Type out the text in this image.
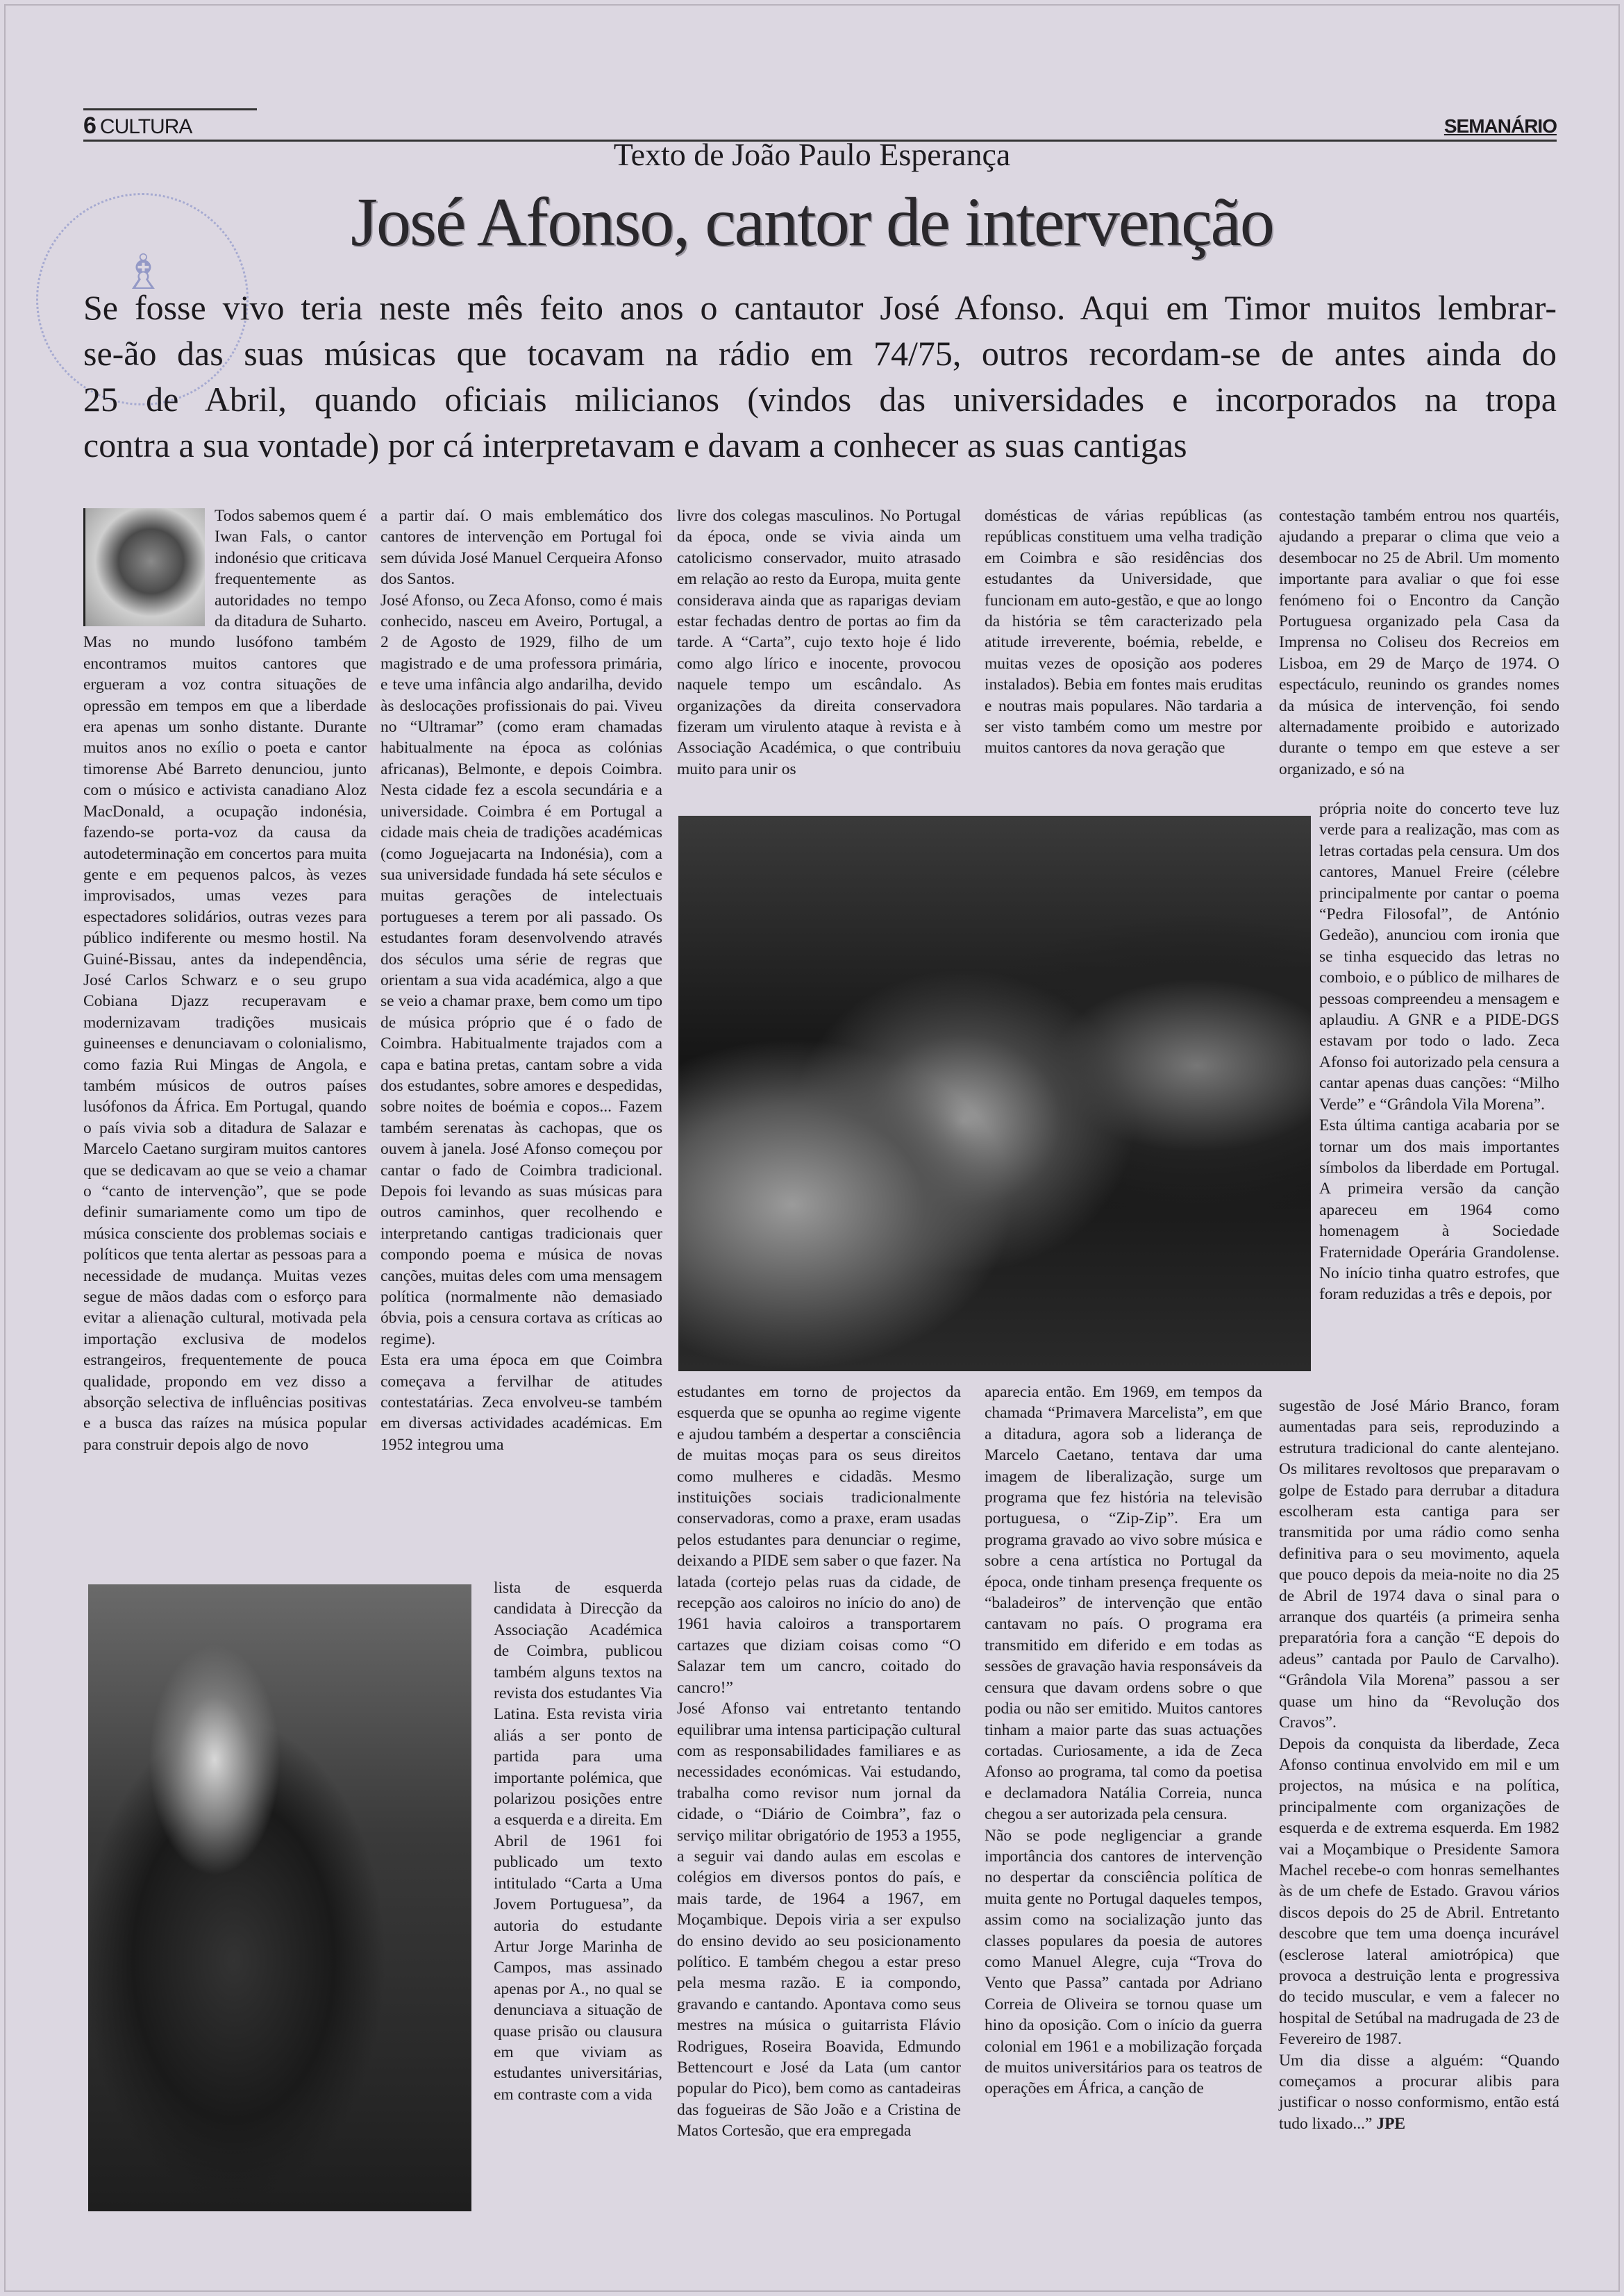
6 CULTURA	SEMANÁRIO
♗
Texto de João Paulo Esperança
José Afonso, cantor de intervenção
Se fosse vivo teria neste mês feito anos o cantautor José Afonso. Aqui em Timor muitos lembrar-
se-ão das suas músicas que tocavam na rádio em 74/75, outros recordam-se de antes ainda do
25 de Abril, quando oficiais milicianos (vindos das universidades e incorporados na tropa
contra a sua vontade) por cá interpretavam e davam a conhecer as suas cantigas

Todos sabemos quem é Iwan Fals, o cantor indonésio que criticava frequentemente as autoridades no tempo da ditadura de Suharto. Mas no mundo lusófono também encontramos muitos cantores que ergueram a voz contra situações de opressão em tempos em que a liberdade era apenas um sonho distante. Durante muitos anos no exílio o poeta e cantor timorense Abé Barreto denunciou, junto com o músico e activista canadiano Aloz MacDonald, a ocupação indonésia, fazendo-se porta-voz da causa da autodeterminação em concertos para muita gente e em pequenos palcos, às vezes improvisados, umas vezes para espectadores solidários, outras vezes para público indiferente ou mesmo hostil. Na Guiné-Bissau, antes da independência, José Carlos Schwarz e o seu grupo Cobiana Djazz recuperavam e modernizavam tradições musicais guineenses e denunciavam o colonialismo, como fazia Rui Mingas de Angola, e também músicos de outros países lusófonos da África. Em Portugal, quando o país vivia sob a ditadura de Salazar e Marcelo Caetano surgiram muitos cantores que se dedicavam ao que se veio a chamar o “canto de intervenção”, que se pode definir sumariamente como um tipo de música consciente dos problemas sociais e políticos que tenta alertar as pessoas para a necessidade de mudança. Muitas vezes segue de mãos dadas com o esforço para evitar a alienação cultural, motivada pela importação exclusiva de modelos estrangeiros, frequentemente de pouca qualidade, propondo em vez disso a absorção selectiva de influências positivas e a busca das raízes na música popular para construir depois algo de novo

a partir daí. O mais emblemático dos cantores de intervenção em Portugal foi sem dúvida José Manuel Cerqueira Afonso dos Santos.

José Afonso, ou Zeca Afonso, como é mais conhecido, nasceu em Aveiro, Portugal, a 2 de Agosto de 1929, filho de um magistrado e de uma professora primária, e teve uma infância algo andarilha, devido às deslocações profissionais do pai. Viveu no “Ultramar” (como eram chamadas habitualmente na época as colónias africanas), Belmonte, e depois Coimbra. Nesta cidade fez a escola secundária e a universidade. Coimbra é em Portugal a cidade mais cheia de tradições académicas (como Joguejacarta na Indonésia), com a sua universidade fundada há sete séculos e muitas gerações de intelectuais portugueses a terem por ali passado. Os estudantes foram desenvolvendo através dos séculos uma série de regras que orientam a sua vida académica, algo a que se veio a chamar praxe, bem como um tipo de música próprio que é o fado de Coimbra. Habitualmente trajados com a capa e batina pretas, cantam sobre a vida dos estudantes, sobre amores e despedidas, sobre noites de boémia e copos... Fazem também serenatas às cachopas, que os ouvem à janela. José Afonso começou por cantar o fado de Coimbra tradicional. Depois foi levando as suas músicas para outros caminhos, quer recolhendo e interpretando cantigas tradicionais quer compondo poema e música de novas canções, muitas deles com uma mensagem política (normalmente não demasiado óbvia, pois a censura cortava as críticas ao regime).

Esta era uma época em que Coimbra começava a fervilhar de atitudes contestatárias. Zeca envolveu-se também em diversas actividades académicas. Em 1952 integrou uma

lista de esquerda candidata à Direcção da Associação Académica de Coimbra, publicou também alguns textos na revista dos estudantes Via Latina. Esta revista viria aliás a ser ponto de partida para uma importante polémica, que polarizou posições entre a esquerda e a direita. Em Abril de 1961 foi publicado um texto intitulado “Carta a Uma Jovem Portuguesa”, da autoria do estudante Artur Jorge Marinha de Campos, mas assinado apenas por A., no qual se denunciava a situação de quase prisão ou clausura em que viviam as estudantes universitárias, em contraste com a vida

livre dos colegas masculinos. No Portugal da época, onde se vivia ainda um catolicismo conservador, muito atrasado em relação ao resto da Europa, muita gente considerava ainda que as raparigas deviam estar fechadas dentro de portas ao fim da tarde. A “Carta”, cujo texto hoje é lido como algo lírico e inocente, provocou naquele tempo um escândalo. As organizações da direita conservadora fizeram um virulento ataque à revista e à Associação Académica, o que contribuiu muito para unir os

estudantes em torno de projectos da esquerda que se opunha ao regime vigente e ajudou também a despertar a consciência de muitas moças para os seus direitos como mulheres e cidadãs. Mesmo instituições sociais tradicionalmente conservadoras, como a praxe, eram usadas pelos estudantes para denunciar o regime, deixando a PIDE sem saber o que fazer. Na latada (cortejo pelas ruas da cidade, de recepção aos caloiros no início do ano) de 1961 havia caloiros a transportarem cartazes que diziam coisas como “O Salazar tem um cancro, coitado do cancro!”

José Afonso vai entretanto tentando equilibrar uma intensa participação cultural com as responsabilidades familiares e as necessidades económicas. Vai estudando, trabalha como revisor num jornal da cidade, o “Diário de Coimbra”, faz o serviço militar obrigatório de 1953 a 1955, a seguir vai dando aulas em escolas e colégios em diversos pontos do país, e mais tarde, de 1964 a 1967, em Moçambique. Depois viria a ser expulso do ensino devido ao seu posicionamento político. E também chegou a estar preso pela mesma razão. E ia compondo, gravando e cantando. Apontava como seus mestres na música o guitarrista Flávio Rodrigues, Roseira Boavida, Edmundo Bettencourt e José da Lata (um cantor popular do Pico), bem como as cantadeiras das fogueiras de São João e a Cristina de Matos Cortesão, que era empregada

domésticas de várias repúblicas (as repúblicas constituem uma velha tradição em Coimbra e são residências dos estudantes da Universidade, que funcionam em auto-gestão, e que ao longo da história se têm caracterizado pela atitude irreverente, boémia, rebelde, e muitas vezes de oposição aos poderes instalados). Bebia em fontes mais eruditas e noutras mais populares. Não tardaria a ser visto também como um mestre por muitos cantores da nova geração que

aparecia então. Em 1969, em tempos da chamada “Primavera Marcelista”, em que a ditadura, agora sob a liderança de Marcelo Caetano, tentava dar uma imagem de liberalização, surge um programa que fez história na televisão portuguesa, o “Zip-Zip”. Era um programa gravado ao vivo sobre música e sobre a cena artística no Portugal da época, onde tinham presença frequente os “baladeiros” de intervenção que então cantavam no país. O programa era transmitido em diferido e em todas as sessões de gravação havia responsáveis da censura que davam ordens sobre o que podia ou não ser emitido. Muitos cantores tinham a maior parte das suas actuações cortadas. Curiosamente, a ida de Zeca Afonso ao programa, tal como da poetisa e declamadora Natália Correia, nunca chegou a ser autorizada pela censura.

Não se pode negligenciar a grande importância dos cantores de intervenção no despertar da consciência política de muita gente no Portugal daqueles tempos, assim como na socialização junto das classes populares da poesia de autores como Manuel Alegre, cuja “Trova do Vento que Passa” cantada por Adriano Correia de Oliveira se tornou quase um hino da oposição. Com o início da guerra colonial em 1961 e a mobilização forçada de muitos universitários para os teatros de operações em África, a canção de

contestação também entrou nos quartéis, ajudando a preparar o clima que veio a desembocar no 25 de Abril. Um momento importante para avaliar o que foi esse fenómeno foi o Encontro da Canção Portuguesa organizado pela Casa da Imprensa no Coliseu dos Recreios em Lisboa, em 29 de Março de 1974. O espectáculo, reunindo os grandes nomes da música de intervenção, foi sendo alternadamente proibido e autorizado durante o tempo em que esteve a ser organizado, e só na

própria noite do concerto teve luz verde para a realização, mas com as letras cortadas pela censura. Um dos cantores, Manuel Freire (célebre principalmente por cantar o poema “Pedra Filosofal”, de António Gedeão), anunciou com ironia que se tinha esquecido das letras no comboio, e o público de milhares de pessoas compreendeu a mensagem e aplaudiu. A GNR e a PIDE-DGS estavam por todo o lado. Zeca Afonso foi autorizado pela censura a cantar apenas duas canções: “Milho Verde” e “Grândola Vila Morena”.

Esta última cantiga acabaria por se tornar um dos mais importantes símbolos da liberdade em Portugal. A primeira versão da canção apareceu em 1964 como homenagem à Sociedade Fraternidade Operária Grandolense. No início tinha quatro estrofes, que foram reduzidas a três e depois, por

sugestão de José Mário Branco, foram aumentadas para seis, reproduzindo a estrutura tradicional do cante alentejano. Os militares revoltosos que preparavam o golpe de Estado para derrubar a ditadura escolheram esta cantiga para ser transmitida por uma rádio como senha definitiva para o seu movimento, aquela que pouco depois da meia-noite no dia 25 de Abril de 1974 dava o sinal para o arranque dos quartéis (a primeira senha preparatória fora a canção “E depois do adeus” cantada por Paulo de Carvalho). “Grândola Vila Morena” passou a ser quase um hino da “Revolução dos Cravos”.

Depois da conquista da liberdade, Zeca Afonso continua envolvido em mil e um projectos, na música e na política, principalmente com organizações de esquerda e de extrema esquerda. Em 1982 vai a Moçambique o Presidente Samora Machel recebe-o com honras semelhantes às de um chefe de Estado. Gravou vários discos depois do 25 de Abril. Entretanto descobre que tem uma doença incurável (esclerose lateral amiotrópica) que provoca a destruição lenta e progressiva do tecido muscular, e vem a falecer no hospital de Setúbal na madrugada de 23 de Fevereiro de 1987.

Um dia disse a alguém: “Quando começamos a procurar alibis para justificar o nosso conformismo, então está tudo lixado...” JPE
